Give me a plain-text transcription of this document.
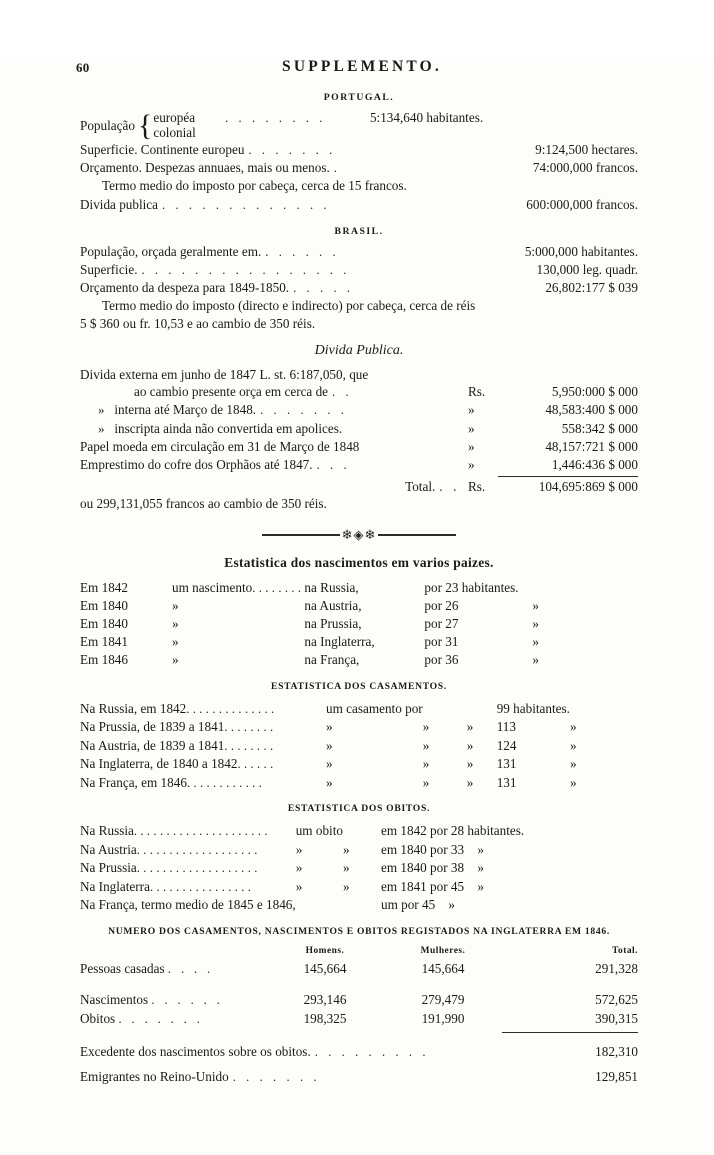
60	SUPPLEMENTO.
PORTUGAL.
População { européa . . . . . . . .	5:134,640 habitantes.
colonial
Superficie. Continente europeu . . . . . . .	9:124,500 hectares.
Orçamento. Despezas annuaes, mais ou menos. .	74:000,000 francos.
Termo medio do imposto por cabeça, cerca de 15 francos.
Divida publica . . . . . . . . . . . . .	600:000,000 francos.
BRASIL.
População, orçada geralmente em. . . . . . .	5:000,000 habitantes.
Superficie. . . . . . . . . . . . . . . . .	130,000 leg. quadr.
Orçamento da despeza para 1849-1850. . . . . .	26,802:177 $ 039
Termo medio do imposto (directo e indirecto) por cabeça, cerca de réis
5 $ 360 ou fr. 10,53 e ao cambio de 350 réis.
Divida Publica.
Divida externa em junho de 1847 L. st. 6:187,050, que
ao cambio presente orça em cerca de . .	Rs.	5,950:000 $ 000
» interna até Março de 1848. . . . . . . .	»	48,583:400 $ 000
» inscripta ainda não convertida em apolices.	»	558:342 $ 000
Papel moeda em circulação em 31 de Março de 1848	»	48,157:721 $ 000
Emprestimo do cofre dos Orphãos até 1847. . . .	»	1,446:436 $ 000
Total. . . Rs.	104,695:869 $ 000
ou 299,131,055 francos ao cambio de 350 réis.
❄◈❄
Estatistica dos nascimentos em varios paizes.
Em 1842	um nascimento........	na Russia,	por 23 habitantes.	
Em 1840	»	na Austria,	por 26	»
Em 1840	»	na Prussia,	por 27	»
Em 1841	»	na Inglaterra,	por 31	»
Em 1846	»	na França,	por 36	»
ESTATISTICA DOS CASAMENTOS.
Na Russia, em 1842..............	um casamento por			99 habitantes.	
Na Prussia, de 1839 a 1841........	»	»	»	113	»
Na Austria, de 1839 a 1841........	»	»	»	124	»
Na Inglaterra, de 1840 a 1842......	»	»	»	131	»
Na França, em 1846............	»	»	»	131	»
ESTATISTICA DOS OBITOS.
Na Russia.....................	um obito		em 1842 por 28 habitantes.
Na Austria...................	»	»	em 1840 por 33 »
Na Prussia...................	»	»	em 1840 por 38 »
Na Inglaterra................	»	»	em 1841 por 45 »
Na França, termo medio de 1845 e 1846,			um por 45 »
NUMERO DOS CASAMENTOS, NASCIMENTOS E OBITOS REGISTADOS NA INGLATERRA EM 1846.
	Homens.	Mulheres.	Total.
Pessoas casadas . . . .	145,664	145,664	291,328

Nascimentos . . . . . .	293,146	279,479	572,625
Obitos . . . . . . .	198,325	191,990	390,315

Excedente dos nascimentos sobre os obitos. . . . . . . . . .	182,310
Emigrantes no Reino-Unido . . . . . . .	129,851
